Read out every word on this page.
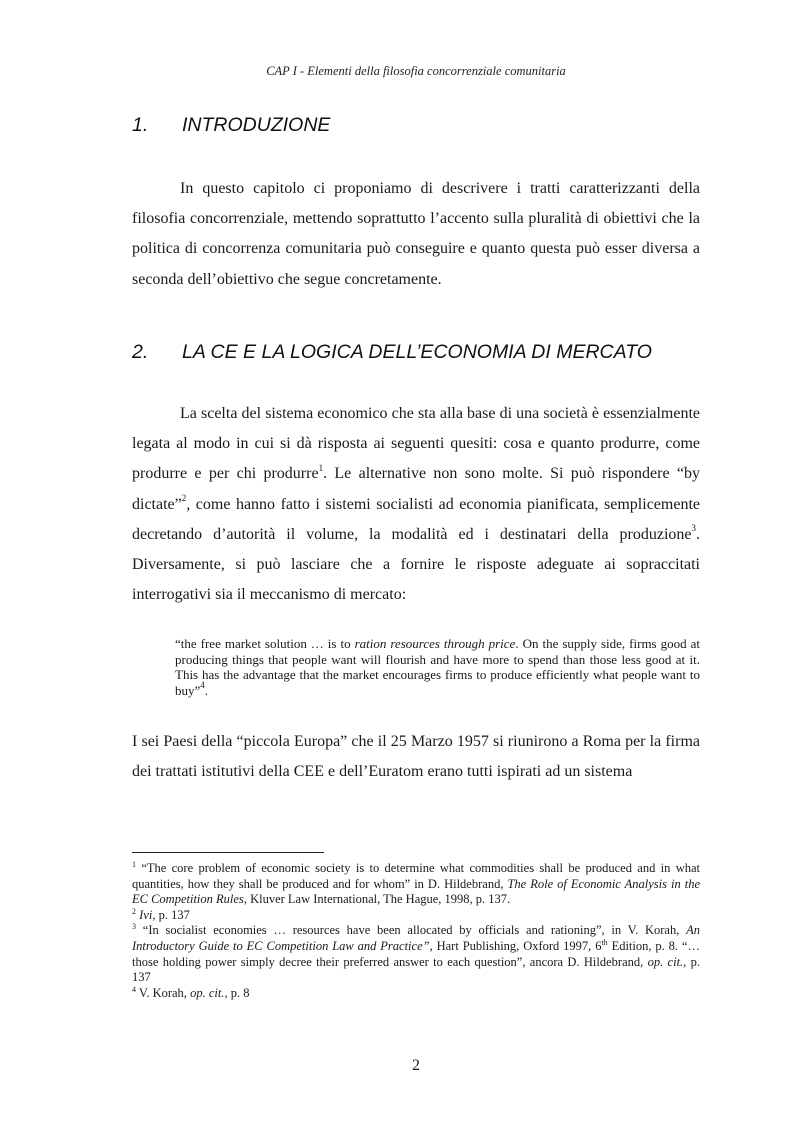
CAP I - Elementi della filosofia concorrenziale comunitaria
1. INTRODUZIONE

In questo capitolo ci proponiamo di descrivere i tratti caratterizzanti della filosofia concorrenziale, mettendo soprattutto l’accento sulla pluralità di obiettivi che la politica di concorrenza comunitaria può conseguire e quanto questa può esser diversa a seconda dell’obiettivo che segue concretamente.

2. LA CE E LA LOGICA DELL’ECONOMIA DI MERCATO

La scelta del sistema economico che sta alla base di una società è essenzialmente legata al modo in cui si dà risposta ai seguenti quesiti: cosa e quanto produrre, come produrre e per chi produrre$^1$. Le alternative non sono molte. Si può rispondere “by dictate”$^2$, come hanno fatto i sistemi socialisti ad economia pianificata, semplicemente decretando d’autorità il volume, la modalità ed i destinatari della produzione$^3$. Diversamente, si può lasciare che a fornire le risposte adeguate ai sopraccitati interrogativi sia il meccanismo di mercato:

“the free market solution … is to ration resources through price. On the supply side, firms good at producing things that people want will flourish and have more to spend than those less good at it. This has the advantage that the market encourages firms to produce efficiently what people want to buy”$^4$.

I sei Paesi della “piccola Europa” che il 25 Marzo 1957 si riunirono a Roma per la firma dei trattati istitutivi della CEE e dell’Euratom erano tutti ispirati ad un sistema

$^1$ “The core problem of economic society is to determine what commodities shall be produced and in what quantities, how they shall be produced and for whom” in D. Hildebrand, The Role of Economic Analysis in the EC Competition Rules, Kluver Law International, The Hague, 1998, p. 137.

$^2$ Ivi, p. 137

$^3$ “In socialist economies … resources have been allocated by officials and rationing”, in V. Korah, An Introductory Guide to EC Competition Law and Practice”, Hart Publishing, Oxford 1997, 6th Edition, p. 8. “… those holding power simply decree their preferred answer to each question”, ancora D. Hildebrand, op. cit., p. 137

$^4$ V. Korah, op. cit., p. 8

2
